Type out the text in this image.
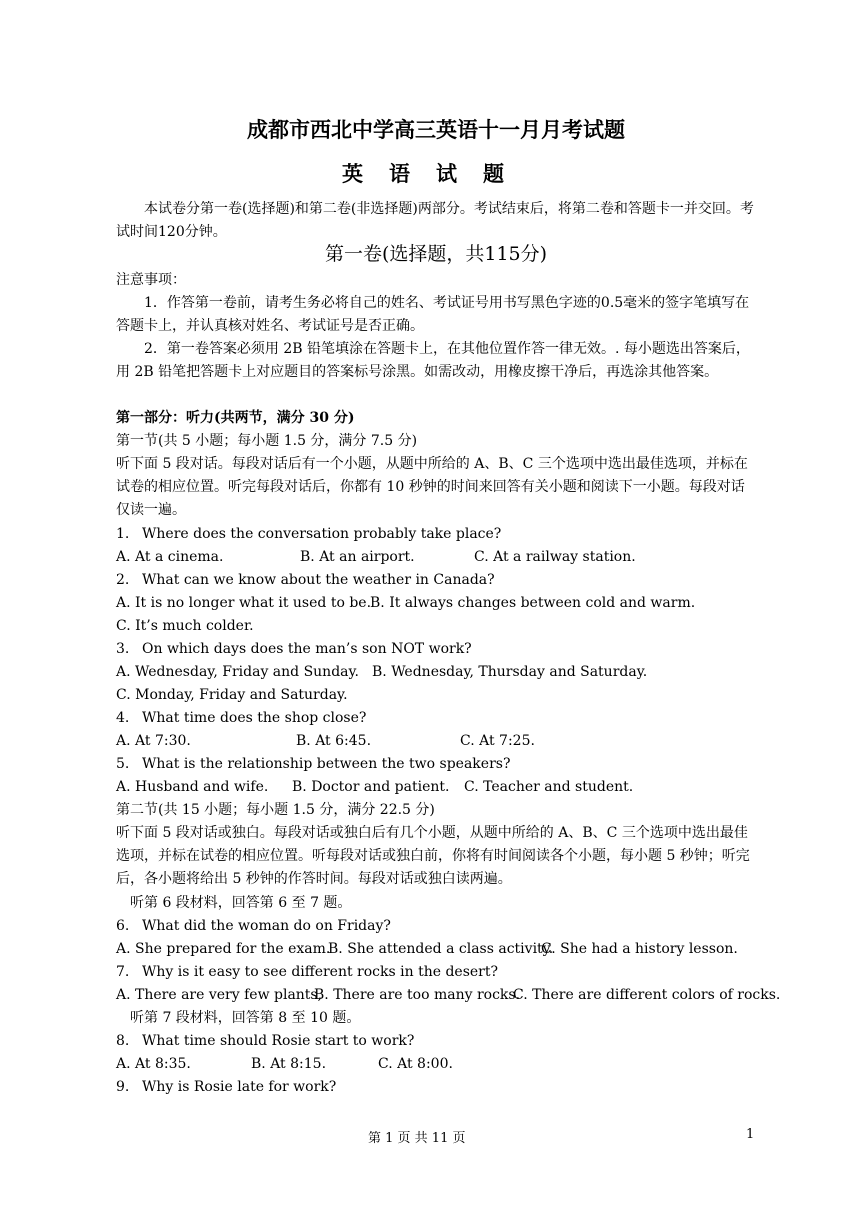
成都市西北中学高三英语十一月月考试题
英语试题
本试卷分第一卷(选择题)和第二卷(非选择题)两部分。考试结束后，将第二卷和答题卡一并交回。考试时间120分钟。
第一卷(选择题，共115分)
注意事项：
1．作答第一卷前，请考生务必将自己的姓名、考试证号用书写黑色字迹的0.5毫米的签字笔填写在答题卡上，并认真核对姓名、考试证号是否正确。
2．第一卷答案必须用 2B 铅笔填涂在答题卡上，在其他位置作答一律无效。. 每小题选出答案后，用 2B 铅笔把答题卡上对应题目的答案标号涂黑。如需改动，用橡皮擦干净后，再选涂其他答案。
第一部分：听力(共两节，满分 30 分)
第一节(共 5 小题；每小题 1.5 分，满分 7.5 分)
听下面 5 段对话。每段对话后有一个小题，从题中所给的 A、B、C 三个选项中选出最佳选项，并标在试卷的相应位置。听完每段对话后，你都有 10 秒钟的时间来回答有关小题和阅读下一小题。每段对话仅读一遍。
1. Where does the conversation probably take place?
A. At a cinema.	B. At an airport.	C. At a railway station.
2. What can we know about the weather in Canada?
A. It is no longer what it used to be.
B. It always changes between cold and warm.
C. It’s much colder.
3. On which days does the man’s son NOT work?
A. Wednesday, Friday and Sunday. B. Wednesday, Thursday and Saturday.
C. Monday, Friday and Saturday.
4. What time does the shop close?
A. At 7:30.	B. At 6:45.	C. At 7:25.
5. What is the relationship between the two speakers?
A. Husband and wife. B. Doctor and patient. C. Teacher and student.
第二节(共 15 小题；每小题 1.5 分，满分 22.5 分)
听下面 5 段对话或独白。每段对话或独白后有几个小题，从题中所给的 A、B、C 三个选项中选出最佳选项，并标在试卷的相应位置。听每段对话或独白前，你将有时间阅读各个小题，每小题 5 秒钟；听完后，各小题将给出 5 秒钟的作答时间。每段对话或独白读两遍。
听第 6 段材料，回答第 6 至 7 题。
6. What did the woman do on Friday?
A. She prepared for the exam.
B. She attended a class activity.
C. She had a history lesson.
7. Why is it easy to see different rocks in the desert?
A. There are very few plants,
B. There are too many rocks.
C. There are different colors of rocks.
听第 7 段材料，回答第 8 至 10 题。
8. What time should Rosie start to work?
A. At 8:35.	B. At 8:15.	C. At 8:00.
9. Why is Rosie late for work?
第 1 页 共 11 页	1
